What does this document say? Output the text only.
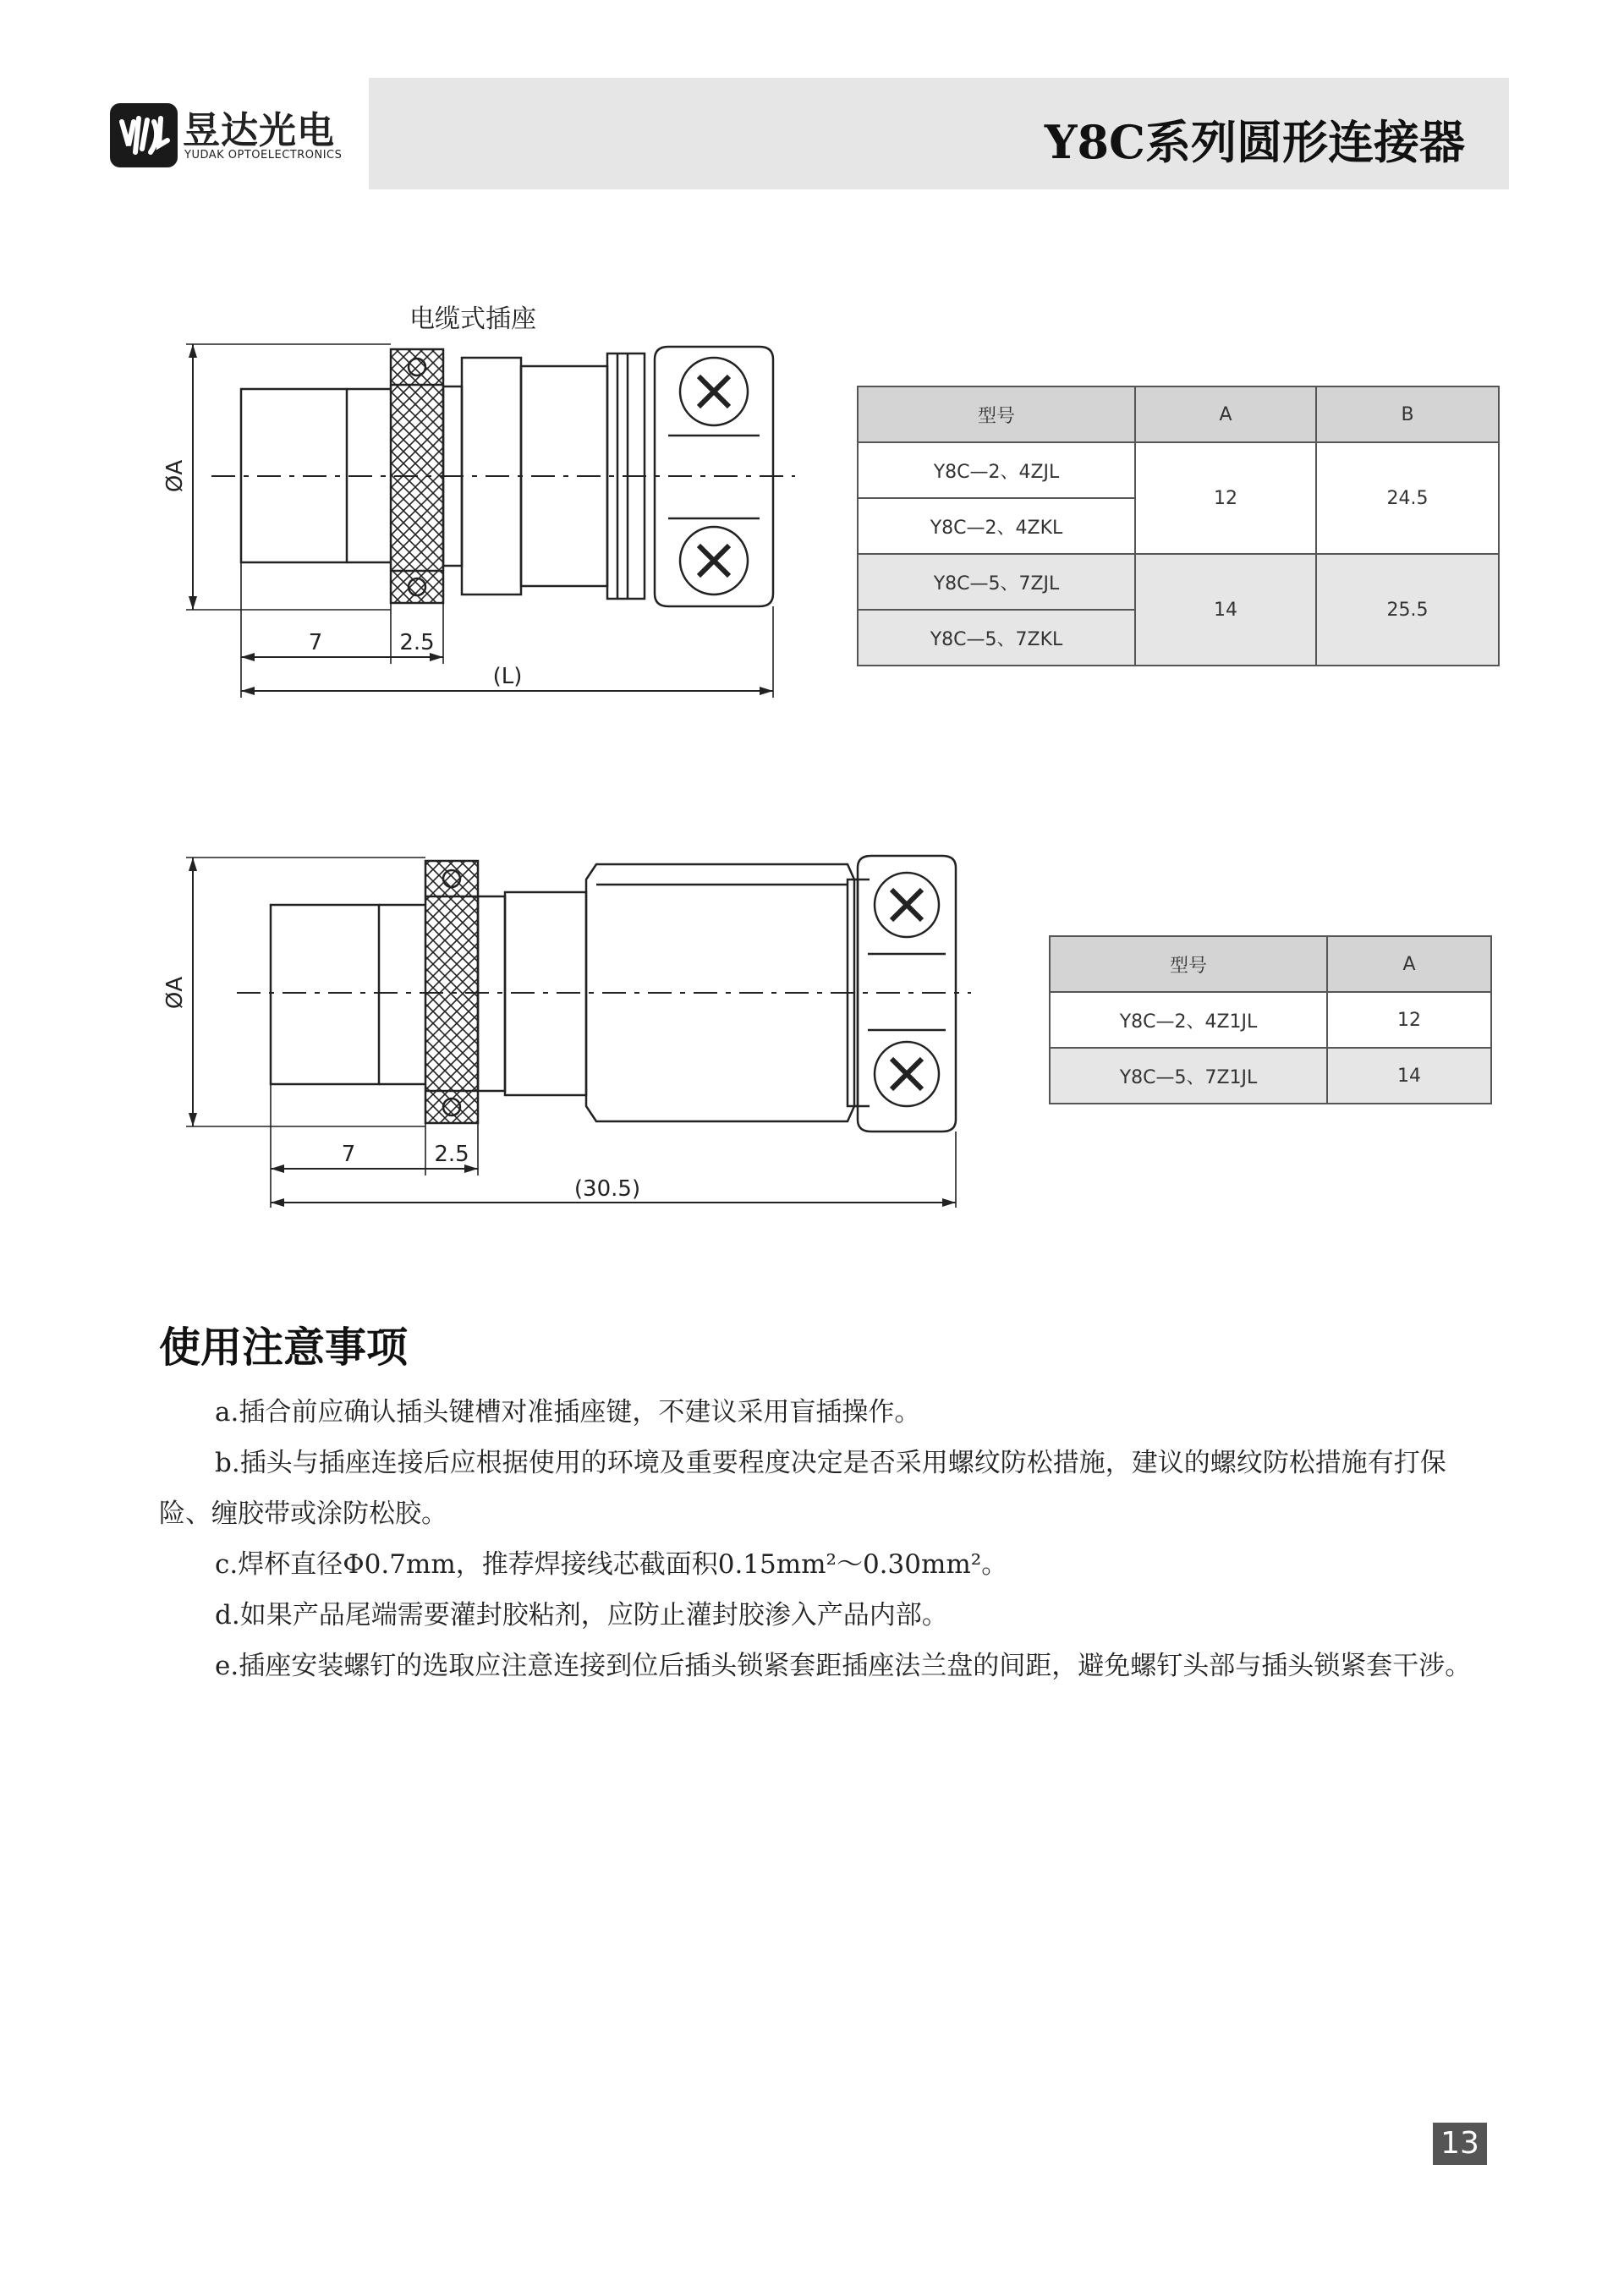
昱达光电
YUDAK OPTOELECTRONICS	Y8C系列圆形连接器
电缆式插座
ØA
7	2.5
(L)
型号	A	B
Y8C—2、4ZJL	12	24.5
Y8C—2、4ZKL		
Y8C—5、7ZJL	14	25.5
Y8C—5、7ZKL		
ØA
7	2.5
(30.5)
型号	A
Y8C—2、4Z1JL	12
Y8C—5、7Z1JL	14
使用注意事项

a.插合前应确认插头键槽对准插座键，不建议采用盲插操作。

b.插头与插座连接后应根据使用的环境及重要程度决定是否采用螺纹防松措施，建议的螺纹防松措施有打保险、缠胶带或涂防松胶。

c.焊杯直径Φ0.7mm，推荐焊接线芯截面积0.15mm²～0.30mm²。

d.如果产品尾端需要灌封胶粘剂，应防止灌封胶渗入产品内部。

e.插座安装螺钉的选取应注意连接到位后插头锁紧套距插座法兰盘的间距，避免螺钉头部与插头锁紧套干涉。

13
